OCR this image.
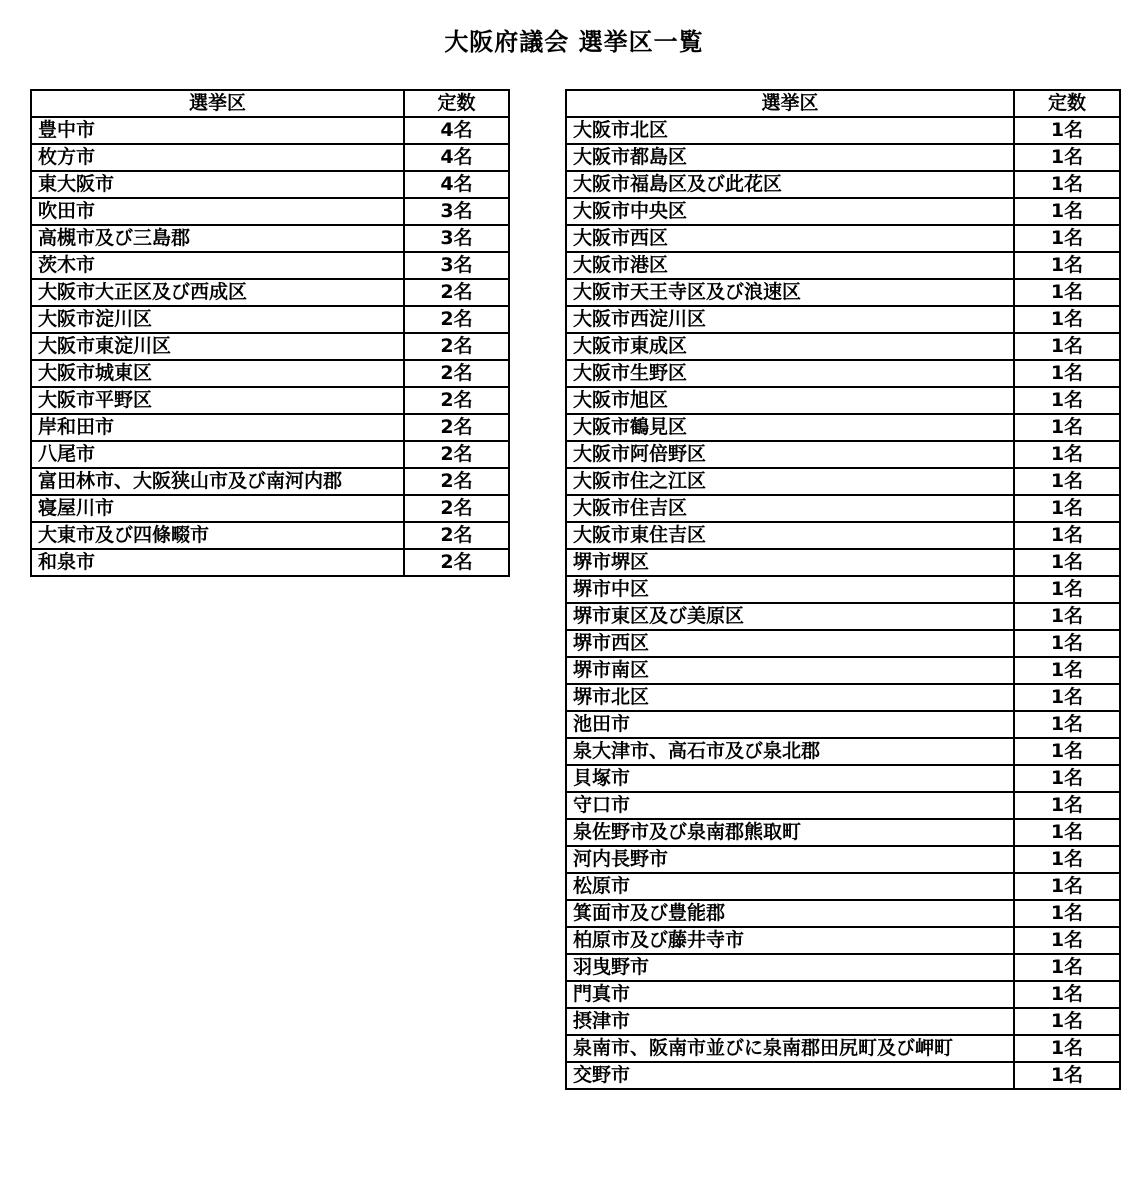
大阪府議会 選挙区一覧
選挙区	定数
豊中市	4名
枚方市	4名
東大阪市	4名
吹田市	3名
高槻市及び三島郡	3名
茨木市	3名
大阪市大正区及び西成区	2名
大阪市淀川区	2名
大阪市東淀川区	2名
大阪市城東区	2名
大阪市平野区	2名
岸和田市	2名
八尾市	2名
富田林市、大阪狭山市及び南河内郡	2名
寝屋川市	2名
大東市及び四條畷市	2名
和泉市	2名
選挙区	定数
大阪市北区	1名
大阪市都島区	1名
大阪市福島区及び此花区	1名
大阪市中央区	1名
大阪市西区	1名
大阪市港区	1名
大阪市天王寺区及び浪速区	1名
大阪市西淀川区	1名
大阪市東成区	1名
大阪市生野区	1名
大阪市旭区	1名
大阪市鶴見区	1名
大阪市阿倍野区	1名
大阪市住之江区	1名
大阪市住吉区	1名
大阪市東住吉区	1名
堺市堺区	1名
堺市中区	1名
堺市東区及び美原区	1名
堺市西区	1名
堺市南区	1名
堺市北区	1名
池田市	1名
泉大津市、高石市及び泉北郡	1名
貝塚市	1名
守口市	1名
泉佐野市及び泉南郡熊取町	1名
河内長野市	1名
松原市	1名
箕面市及び豊能郡	1名
柏原市及び藤井寺市	1名
羽曳野市	1名
門真市	1名
摂津市	1名
泉南市、阪南市並びに泉南郡田尻町及び岬町	1名
交野市	1名
